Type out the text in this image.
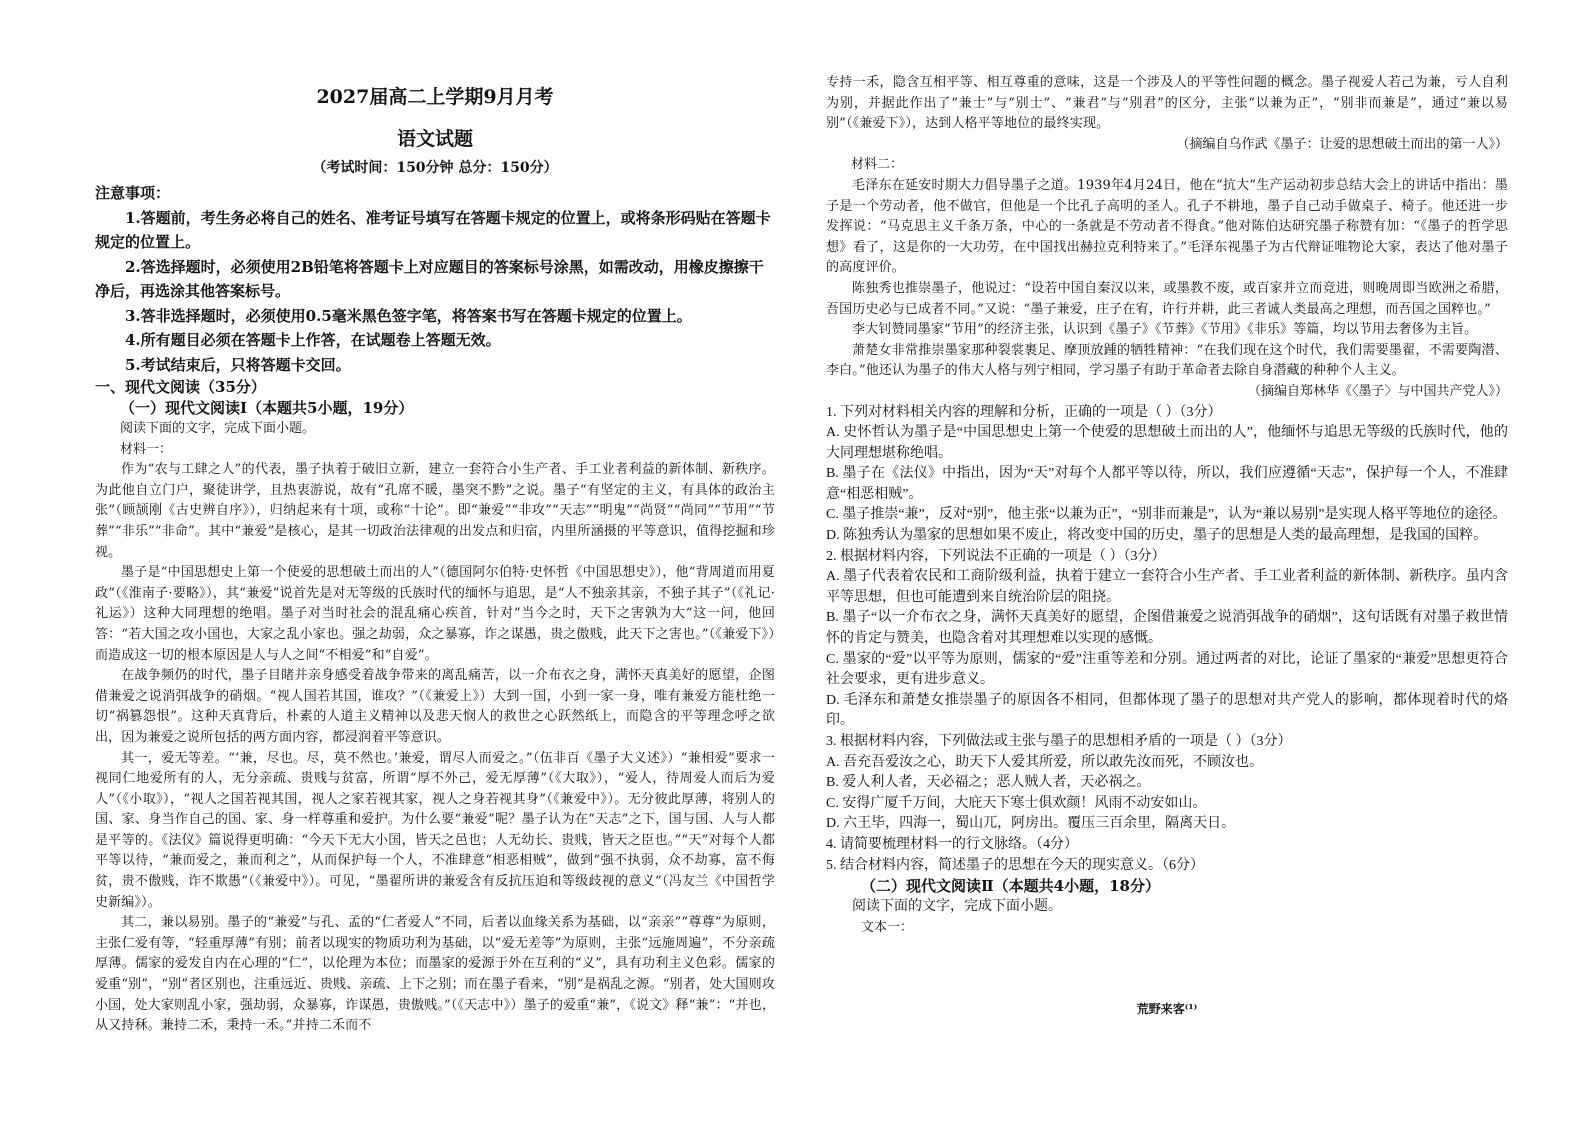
2027届高二上学期9月月考
语文试题
（考试时间：150分钟 总分：150分）

注意事项：

1.答题前，考生务必将自己的姓名、准考证号填写在答题卡规定的位置上，或将条形码贴在答题卡规定的位置上。

2.答选择题时，必须使用2B铅笔将答题卡上对应题目的答案标号涂黑，如需改动，用橡皮擦擦干净后，再选涂其他答案标号。

3.答非选择题时，必须使用0.5毫米黑色签字笔，将答案书写在答题卡规定的位置上。

4.所有题目必须在答题卡上作答，在试题卷上答题无效。

5.考试结束后，只将答题卡交回。

一、现代文阅读（35分）

（一）现代文阅读Ⅰ（本题共5小题，19分）

阅读下面的文字，完成下面小题。

材料一：

作为“农与工肆之人”的代表，墨子执着于破旧立新，建立一套符合小生产者、手工业者利益的新体制、新秩序。为此他自立门户，聚徒讲学，且热衷游说，故有“孔席不暖，墨突不黔”之说。墨子“有坚定的主义，有具体的政治主张”（顾颉刚《古史辨自序》），归纳起来有十项，或称“十论”。即“兼爱”“非攻”“天志”“明鬼”“尚贤”“尚同”“节用”“节葬”“非乐”“非命”。其中“兼爱”是核心，是其一切政治法律观的出发点和归宿，内里所涵摄的平等意识，值得挖掘和珍视。

墨子是“中国思想史上第一个使爱的思想破土而出的人”（德国阿尔伯特·史怀哲《中国思想史》），他“背周道而用夏政”（《淮南子·要略》），其“兼爱”说首先是对无等级的氏族时代的缅怀与追思，是“人不独亲其亲，不独子其子”（《礼记·礼运》）这种大同理想的绝唱。墨子对当时社会的混乱痛心疾首，针对“当今之时，天下之害孰为大”这一问，他回答：“若大国之攻小国也，大家之乱小家也。强之劫弱，众之暴寡，诈之谋愚，贵之傲贱，此天下之害也。”（《兼爱下》）而造成这一切的根本原因是人与人之间“不相爱”和“自爱”。

在战争频仍的时代，墨子目睹并亲身感受着战争带来的离乱痛苦，以一介布衣之身，满怀天真美好的愿望，企图借兼爱之说消弭战争的硝烟。“视人国若其国，谁攻？”（《兼爱上》）大到一国，小到一家一身，唯有兼爱方能杜绝一切“祸篡怨恨”。这种天真背后，朴素的人道主义精神以及悲天悯人的救世之心跃然纸上，而隐含的平等理念呼之欲出，因为兼爱之说所包括的两方面内容，都浸润着平等意识。

其一，爱无等差。“‘兼，尽也。尽，莫不然也。’兼爱，谓尽人而爱之。”（伍非百《墨子大义述》）“兼相爱”要求一视同仁地爱所有的人，无分亲疏、贵贱与贫富，所谓“厚不外己，爱无厚薄”（《大取》），“爱人，待周爱人而后为爱人”（《小取》），“视人之国若视其国，视人之家若视其家，视人之身若视其身”（《兼爱中》）。无分彼此厚薄，将别人的国、家、身当作自己的国、家、身一样尊重和爱护。为什么要“兼爱”呢？墨子认为在“天志”之下，国与国、人与人都是平等的。《法仪》篇说得更明确：“今天下无大小国，皆天之邑也；人无幼长、贵贱，皆天之臣也。”“天”对每个人都平等以待，“兼而爱之，兼而利之”，从而保护每一个人，不准肆意“相恶相贼”，做到“强不执弱，众不劫寡，富不侮贫，贵不傲贱，诈不欺愚”（《兼爱中》）。可见，“墨翟所讲的兼爱含有反抗压迫和等级歧视的意义”（冯友兰《中国哲学史新编》）。

其二，兼以易别。墨子的“兼爱”与孔、孟的“仁者爱人”不同，后者以血缘关系为基础，以“亲亲”“尊尊”为原则，主张仁爱有等，“轻重厚薄”有别；前者以现实的物质功利为基础，以“爱无差等”为原则，主张“远施周遍”，不分亲疏厚薄。儒家的爱发自内在心理的“仁”，以伦理为本位；而墨家的爱源于外在互利的“义”，具有功利主义色彩。儒家的爱重“别”，“别”者区别也，注重远近、贵贱、亲疏、上下之别；而在墨子看来，“别”是祸乱之源。“别者，处大国则攻小国，处大家则乱小家，强劫弱，众暴寡，诈谋愚，贵傲贱。”（《天志中》）墨子的爱重“兼”，《说文》释“兼”：“并也，从又持秝。兼持二禾，秉持一禾。”并持二禾而不

专持一禾，隐含互相平等、相互尊重的意味，这是一个涉及人的平等性问题的概念。墨子视爱人若己为兼，亏人自利为别，并据此作出了“兼士”与“别士”、“兼君”与“别君”的区分，主张“以兼为正”，“别非而兼是”，通过“兼以易别”（《兼爱下》），达到人格平等地位的最终实现。

（摘编自乌作武《墨子：让爱的思想破土而出的第一人》）

材料二：

毛泽东在延安时期大力倡导墨子之道。1939年4月24日，他在“抗大”生产运动初步总结大会上的讲话中指出：墨子是一个劳动者，他不做官，但他是一个比孔子高明的圣人。孔子不耕地，墨子自己动手做桌子、椅子。他还进一步发挥说：“马克思主义千条万条，中心的一条就是不劳动者不得食。”他对陈伯达研究墨子称赞有加：“《墨子的哲学思想》看了，这是你的一大功劳，在中国找出赫拉克利特来了。”毛泽东视墨子为古代辩证唯物论大家，表达了他对墨子的高度评价。

陈独秀也推崇墨子，他说过：“设若中国自秦汉以来，或墨教不废，或百家并立而竞进，则晚周即当欧洲之希腊，吾国历史必与已成者不同。”又说：“墨子兼爱，庄子在宥，许行并耕，此三者诚人类最高之理想，而吾国之国粹也。”

李大钊赞同墨家“节用”的经济主张，认识到《墨子》《节葬》《节用》《非乐》等篇，均以节用去奢侈为主旨。

萧楚女非常推崇墨家那种裂裳裹足、摩顶放踵的牺牲精神：“在我们现在这个时代，我们需要墨翟，不需要陶潜、李白。”他还认为墨子的伟大人格与列宁相同，学习墨子有助于革命者去除自身潜藏的种种个人主义。

（摘编自郑林华《〈墨子〉与中国共产党人》）

1. 下列对材料相关内容的理解和分析，正确的一项是（ ）（3分）

A. 史怀哲认为墨子是“中国思想史上第一个使爱的思想破土而出的人”，他缅怀与追思无等级的氏族时代，他的大同理想堪称绝唱。

B. 墨子在《法仪》中指出，因为“天”对每个人都平等以待，所以，我们应遵循“天志”，保护每一个人，不准肆意“相恶相贼”。

C. 墨子推崇“兼”，反对“别”，他主张“以兼为正”，“别非而兼是”，认为“兼以易别”是实现人格平等地位的途径。

D. 陈独秀认为墨家的思想如果不废止，将改变中国的历史，墨子的思想是人类的最高理想，是我国的国粹。

2. 根据材料内容，下列说法不正确的一项是（ ）（3分）

A. 墨子代表着农民和工商阶级利益，执着于建立一套符合小生产者、手工业者利益的新体制、新秩序。虽内含平等思想，但也可能遭到来自统治阶层的阻挠。

B. 墨子“以一介布衣之身，满怀天真美好的愿望，企图借兼爱之说消弭战争的硝烟”，这句话既有对墨子救世情怀的肯定与赞美，也隐含着对其理想难以实现的感慨。

C. 墨家的“爱”以平等为原则，儒家的“爱”注重等差和分别。通过两者的对比，论证了墨家的“兼爱”思想更符合社会要求，更有进步意义。

D. 毛泽东和萧楚女推崇墨子的原因各不相同，但都体现了墨子的思想对共产党人的影响，都体现着时代的烙印。

3. 根据材料内容，下列做法或主张与墨子的思想相矛盾的一项是（ ）（3分）

A. 吾充吾爱汝之心，助天下人爱其所爱，所以敢先汝而死，不顾汝也。

B. 爱人利人者，天必福之；恶人贼人者，天必祸之。

C. 安得广厦千万间，大庇天下寒士俱欢颜！风雨不动安如山。

D. 六王毕，四海一，蜀山兀，阿房出。覆压三百余里，隔离天日。

4. 请简要梳理材料一的行文脉络。（4分）

5. 结合材料内容，简述墨子的思想在今天的现实意义。（6分）

（二）现代文阅读Ⅱ（本题共4小题，18分）

阅读下面的文字，完成下面小题。

文本一：

荒野来客⁽¹⁾
